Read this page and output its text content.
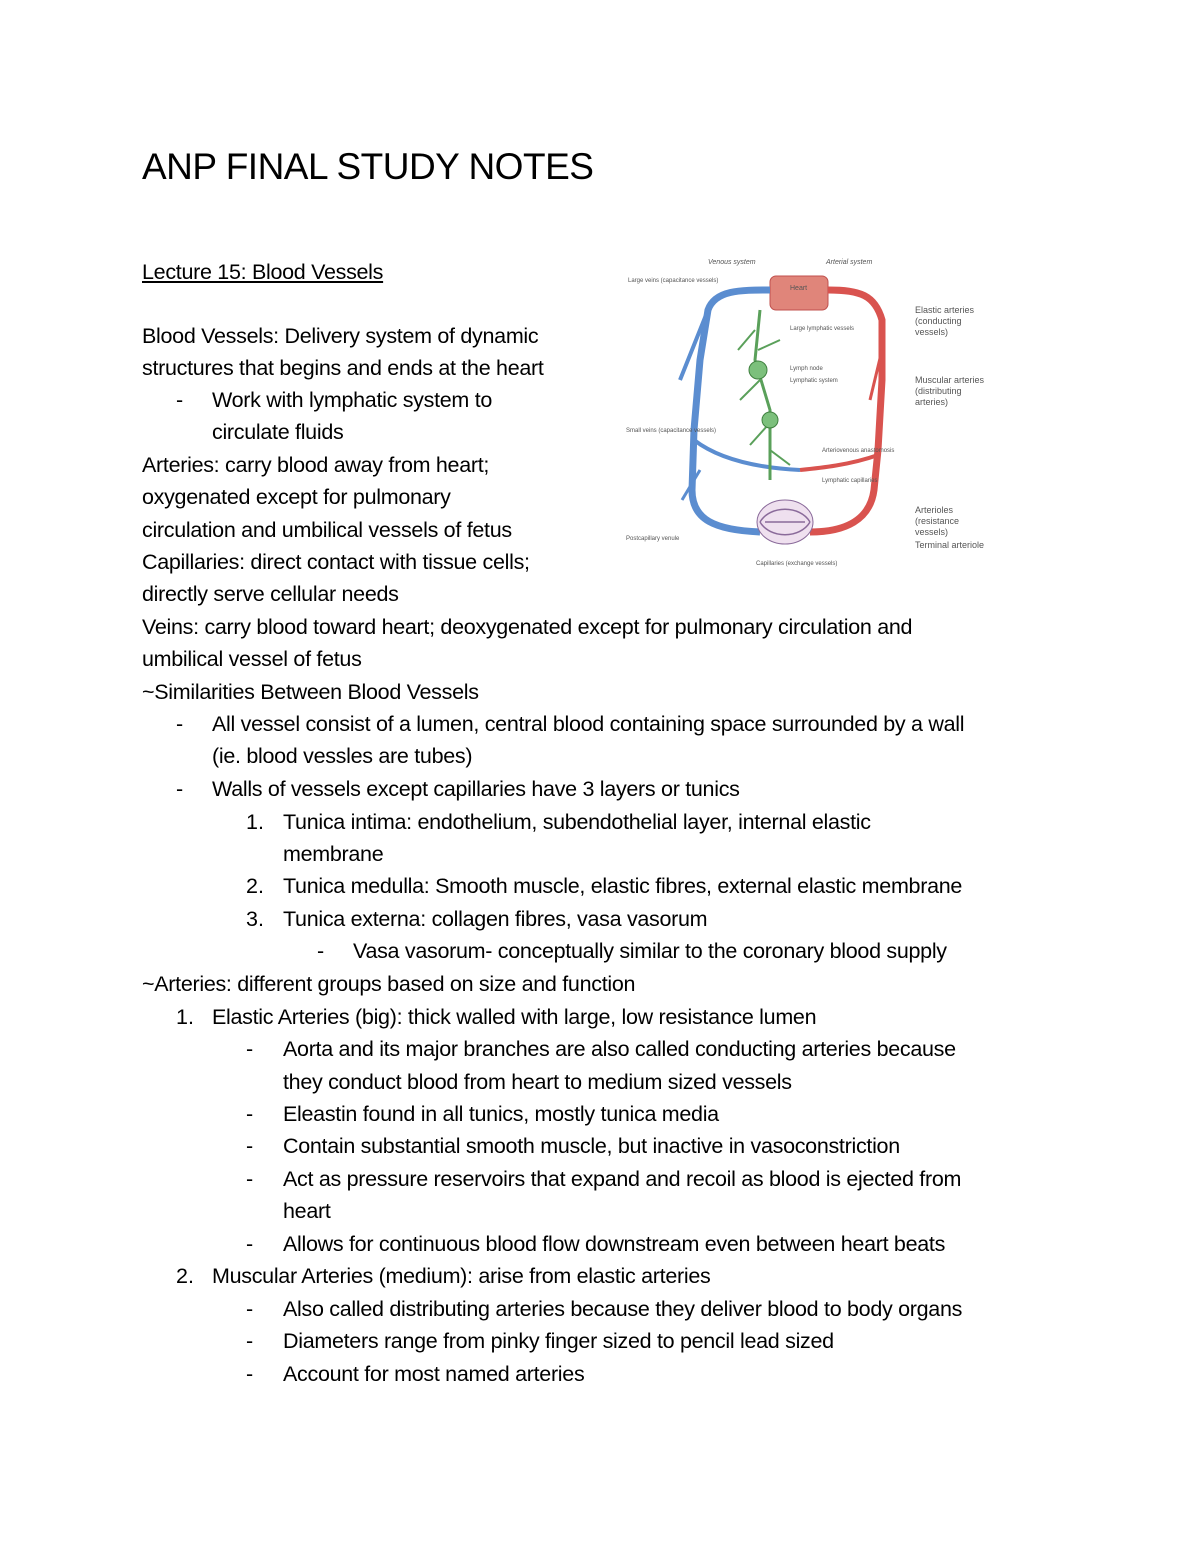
ANP FINAL STUDY NOTES
Lecture 15: Blood Vessels
Blood Vessels: Delivery system of dynamic
structures that begins and ends at the heart
- Work with lymphatic system to
circulate fluids
Arteries: carry blood away from heart;
oxygenated except for pulmonary
circulation and umbilical vessels of fetus
Capillaries: direct contact with tissue cells;
directly serve cellular needs
Veins: carry blood toward heart; deoxygenated except for pulmonary circulation and
umbilical vessel of fetus
~Similarities Between Blood Vessels
- All vessel consist of a lumen, central blood containing space surrounded by a wall
(ie. blood vessles are tubes)
- Walls of vessels except capillaries have 3 layers or tunics
1. Tunica intima: endothelium, subendothelial layer, internal elastic
membrane
2. Tunica medulla: Smooth muscle, elastic fibres, external elastic membrane
3. Tunica externa: collagen fibres, vasa vasorum
- Vasa vasorum- conceptually similar to the coronary blood supply
~Arteries: different groups based on size and function
1. Elastic Arteries (big): thick walled with large, low resistance lumen
- Aorta and its major branches are also called conducting arteries because
they conduct blood from heart to medium sized vessels
- Eleastin found in all tunics, mostly tunica media
- Contain substantial smooth muscle, but inactive in vasoconstriction
- Act as pressure reservoirs that expand and recoil as blood is ejected from
heart
- Allows for continuous blood flow downstream even between heart beats
2. Muscular Arteries (medium): arise from elastic arteries
- Also called distributing arteries because they deliver blood to body organs
- Diameters range from pinky finger sized to pencil lead sized
- Account for most named arteries
Venous system	Arterial system
Heart
Large veins (capacitance vessels)
Large lymphatic vessels
Lymph node
Lymphatic system
Small veins (capacitance vessels)
Arteriovenous anastomosis
Lymphatic capillaries
Postcapillary venule
Capillaries (exchange vessels)
Elastic arteries (conducting vessels)
Muscular arteries (distributing arteries)
Arterioles (resistance vessels)
Terminal arteriole
